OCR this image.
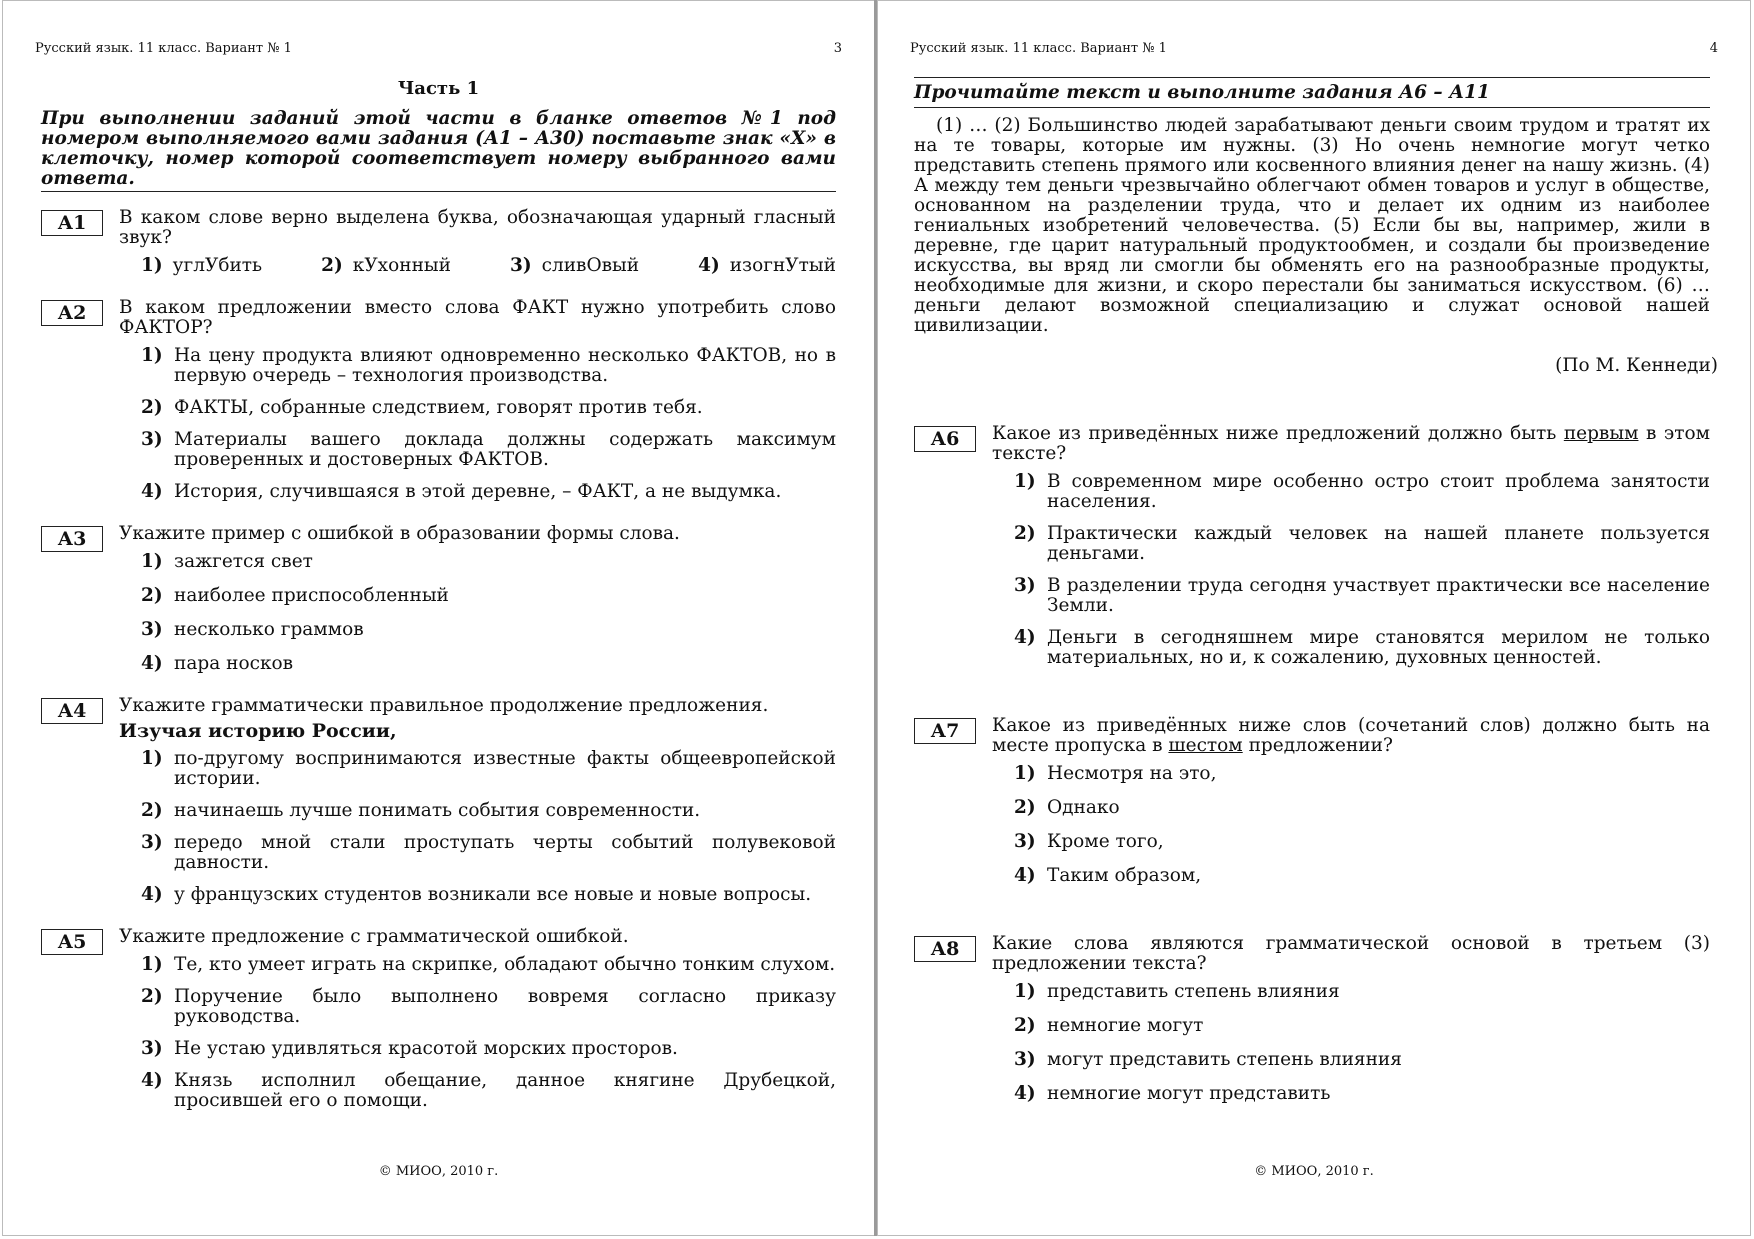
Русский язык. 11 класс. Вариант № 1	3
Часть 1
При выполнении заданий этой части в бланке ответов №1 под номером выполняемого вами задания (А1 – А30) поставьте знак «X» в клеточку, номер которой соответствует номеру выбранного вами ответа.
А1	В каком слове верно выделена буква, обозначающая ударный гласный звук?
1) углУбить	2) кУхонный	3) сливОвый	4) изогнУтый
А2	В каком предложении вместо слова ФАКТ нужно употребить слово ФАКТОР?
1) На цену продукта влияют одновременно несколько ФАКТОВ, но в первую очередь – технология производства.
2) ФАКТЫ, собранные следствием, говорят против тебя.
3) Материалы вашего доклада должны содержать максимум проверенных и достоверных ФАКТОВ.
4) История, случившаяся в этой деревне, – ФАКТ, а не выдумка.
А3	Укажите пример с ошибкой в образовании формы слова.
1) зажгется свет
2) наиболее приспособленный
3) несколько граммов
4) пара носков
А4	Укажите грамматически правильное продолжение предложения.
Изучая историю России,
1) по-другому воспринимаются известные факты общеевропейской истории.
2) начинаешь лучше понимать события современности.
3) передо мной стали проступать черты событий полувековой давности.
4) у французских студентов возникали все новые и новые вопросы.
А5	Укажите предложение с грамматической ошибкой.
1) Те, кто умеет играть на скрипке, обладают обычно тонким слухом.
2) Поручение было выполнено вовремя согласно приказу руководства.
3) Не устаю удивляться красотой морских просторов.
4) Князь исполнил обещание, данное княгине Друбецкой, просившей его о помощи.
© МИОО, 2010 г.
Русский язык. 11 класс. Вариант № 1	4
Прочитайте текст и выполните задания А6 – А11
(1) … (2) Большинство людей зарабатывают деньги своим трудом и тратят их на те товары, которые им нужны. (3) Но очень немногие могут четко представить степень прямого или косвенного влияния денег на нашу жизнь. (4) А между тем деньги чрезвычайно облегчают обмен товаров и услуг в обществе, основанном на разделении труда, что и делает их одним из наиболее гениальных изобретений человечества. (5) Если бы вы, например, жили в деревне, где царит натуральный продуктообмен, и создали бы произведение искусства, вы вряд ли смогли бы обменять его на разнообразные продукты, необходимые для жизни, и скоро перестали бы заниматься искусством. (6) … деньги делают возможной специализацию и служат основой нашей цивилизации.
(По М. Кеннеди)
А6	Какое из приведённых ниже предложений должно быть первым в этом тексте?
1) В современном мире особенно остро стоит проблема занятости населения.
2) Практически каждый человек на нашей планете пользуется деньгами.
3) В разделении труда сегодня участвует практически все население Земли.
4) Деньги в сегодняшнем мире становятся мерилом не только материальных, но и, к сожалению, духовных ценностей.
А7	Какое из приведённых ниже слов (сочетаний слов) должно быть на месте пропуска в шестом предложении?
1) Несмотря на это,
2) Однако
3) Кроме того,
4) Таким образом,
А8	Какие слова являются грамматической основой в третьем (3) предложении текста?
1) представить степень влияния
2) немногие могут
3) могут представить степень влияния
4) немногие могут представить
© МИОО, 2010 г.
